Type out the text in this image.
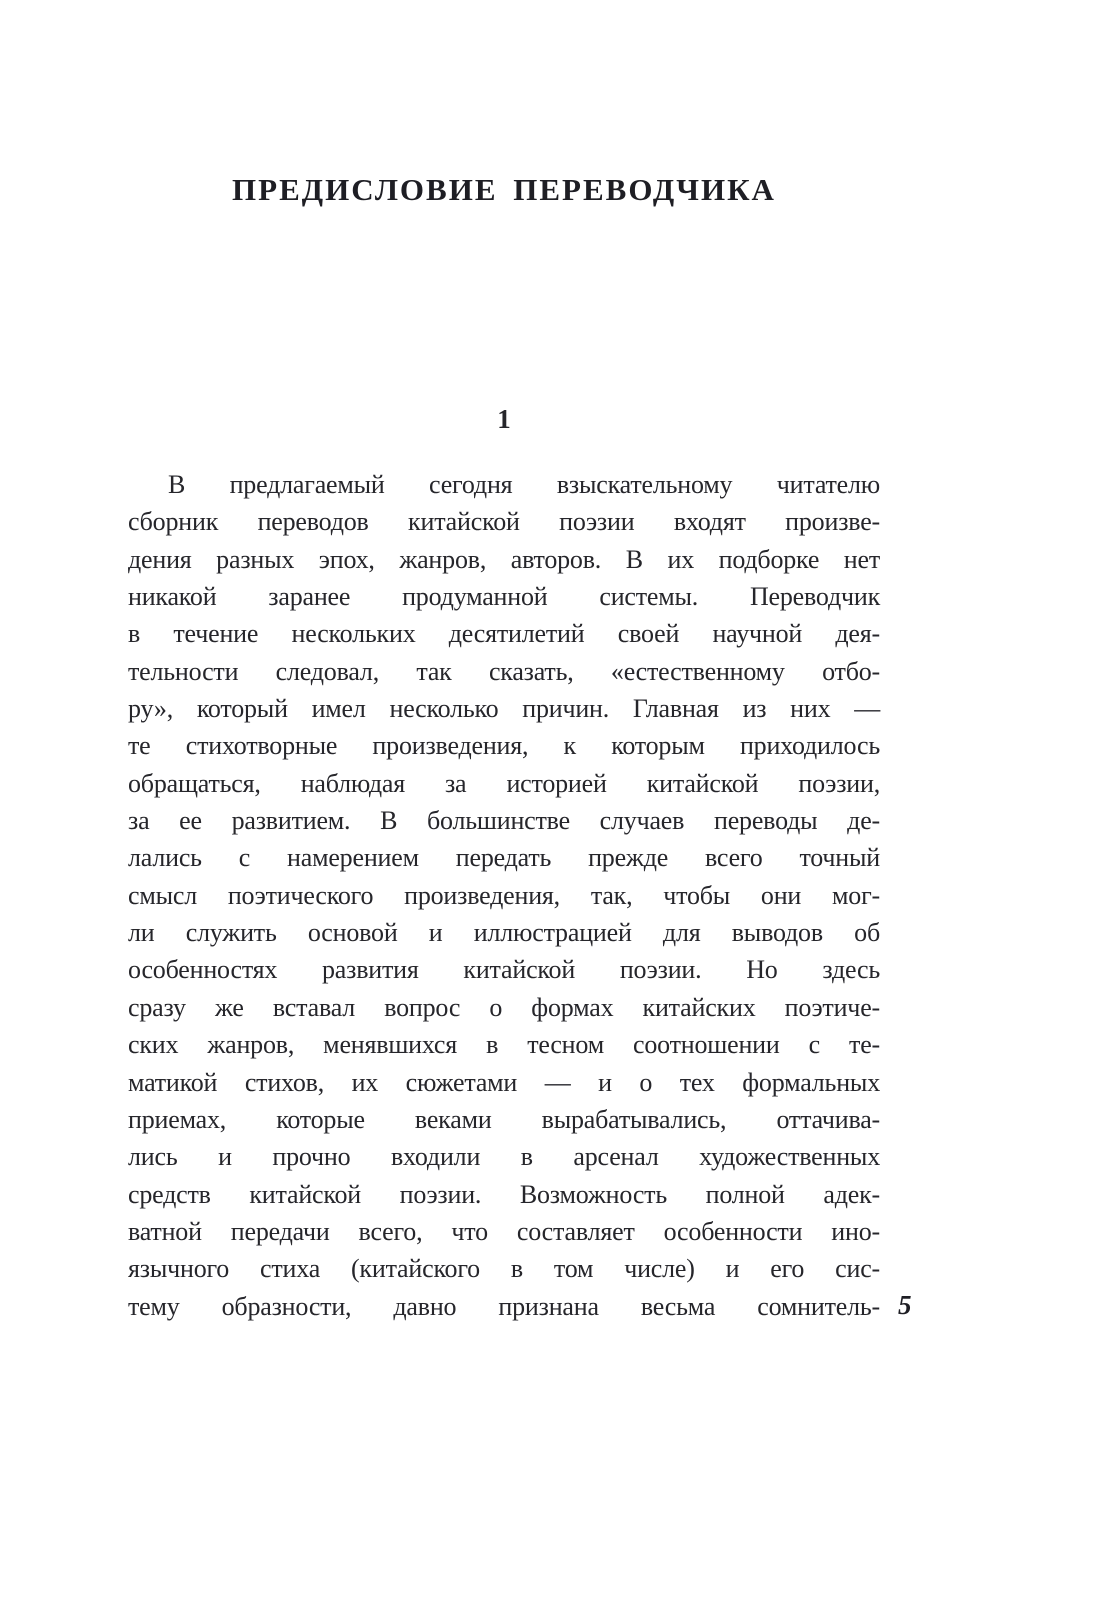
ПРЕДИСЛОВИЕ ПЕРЕВОДЧИКА
1
В предлагаемый сегодня взыскательному читателю
сборник переводов китайской поэзии входят произве-
дения разных эпох, жанров, авторов. В их подборке нет
никакой заранее продуманной системы. Переводчик
в течение нескольких десятилетий своей научной дея-
тельности следовал, так сказать, «естественному отбо-
ру», который имел несколько причин. Главная из них —
те стихотворные произведения, к которым приходилось
обращаться, наблюдая за историей китайской поэзии,
за ее развитием. В большинстве случаев переводы де-
лались с намерением передать прежде всего точный
смысл поэтического произведения, так, чтобы они мог-
ли служить основой и иллюстрацией для выводов об
особенностях развития китайской поэзии. Но здесь
сразу же вставал вопрос о формах китайских поэтиче-
ских жанров, менявшихся в тесном соотношении с те-
матикой стихов, их сюжетами — и о тех формальных
приемах, которые веками вырабатывались, оттачива-
лись и прочно входили в арсенал художественных
средств китайской поэзии. Возможность полной адек-
ватной передачи всего, что составляет особенности ино-
язычного стиха (китайского в том числе) и его сис-
тему образности, давно признана весьма сомнитель- 5
